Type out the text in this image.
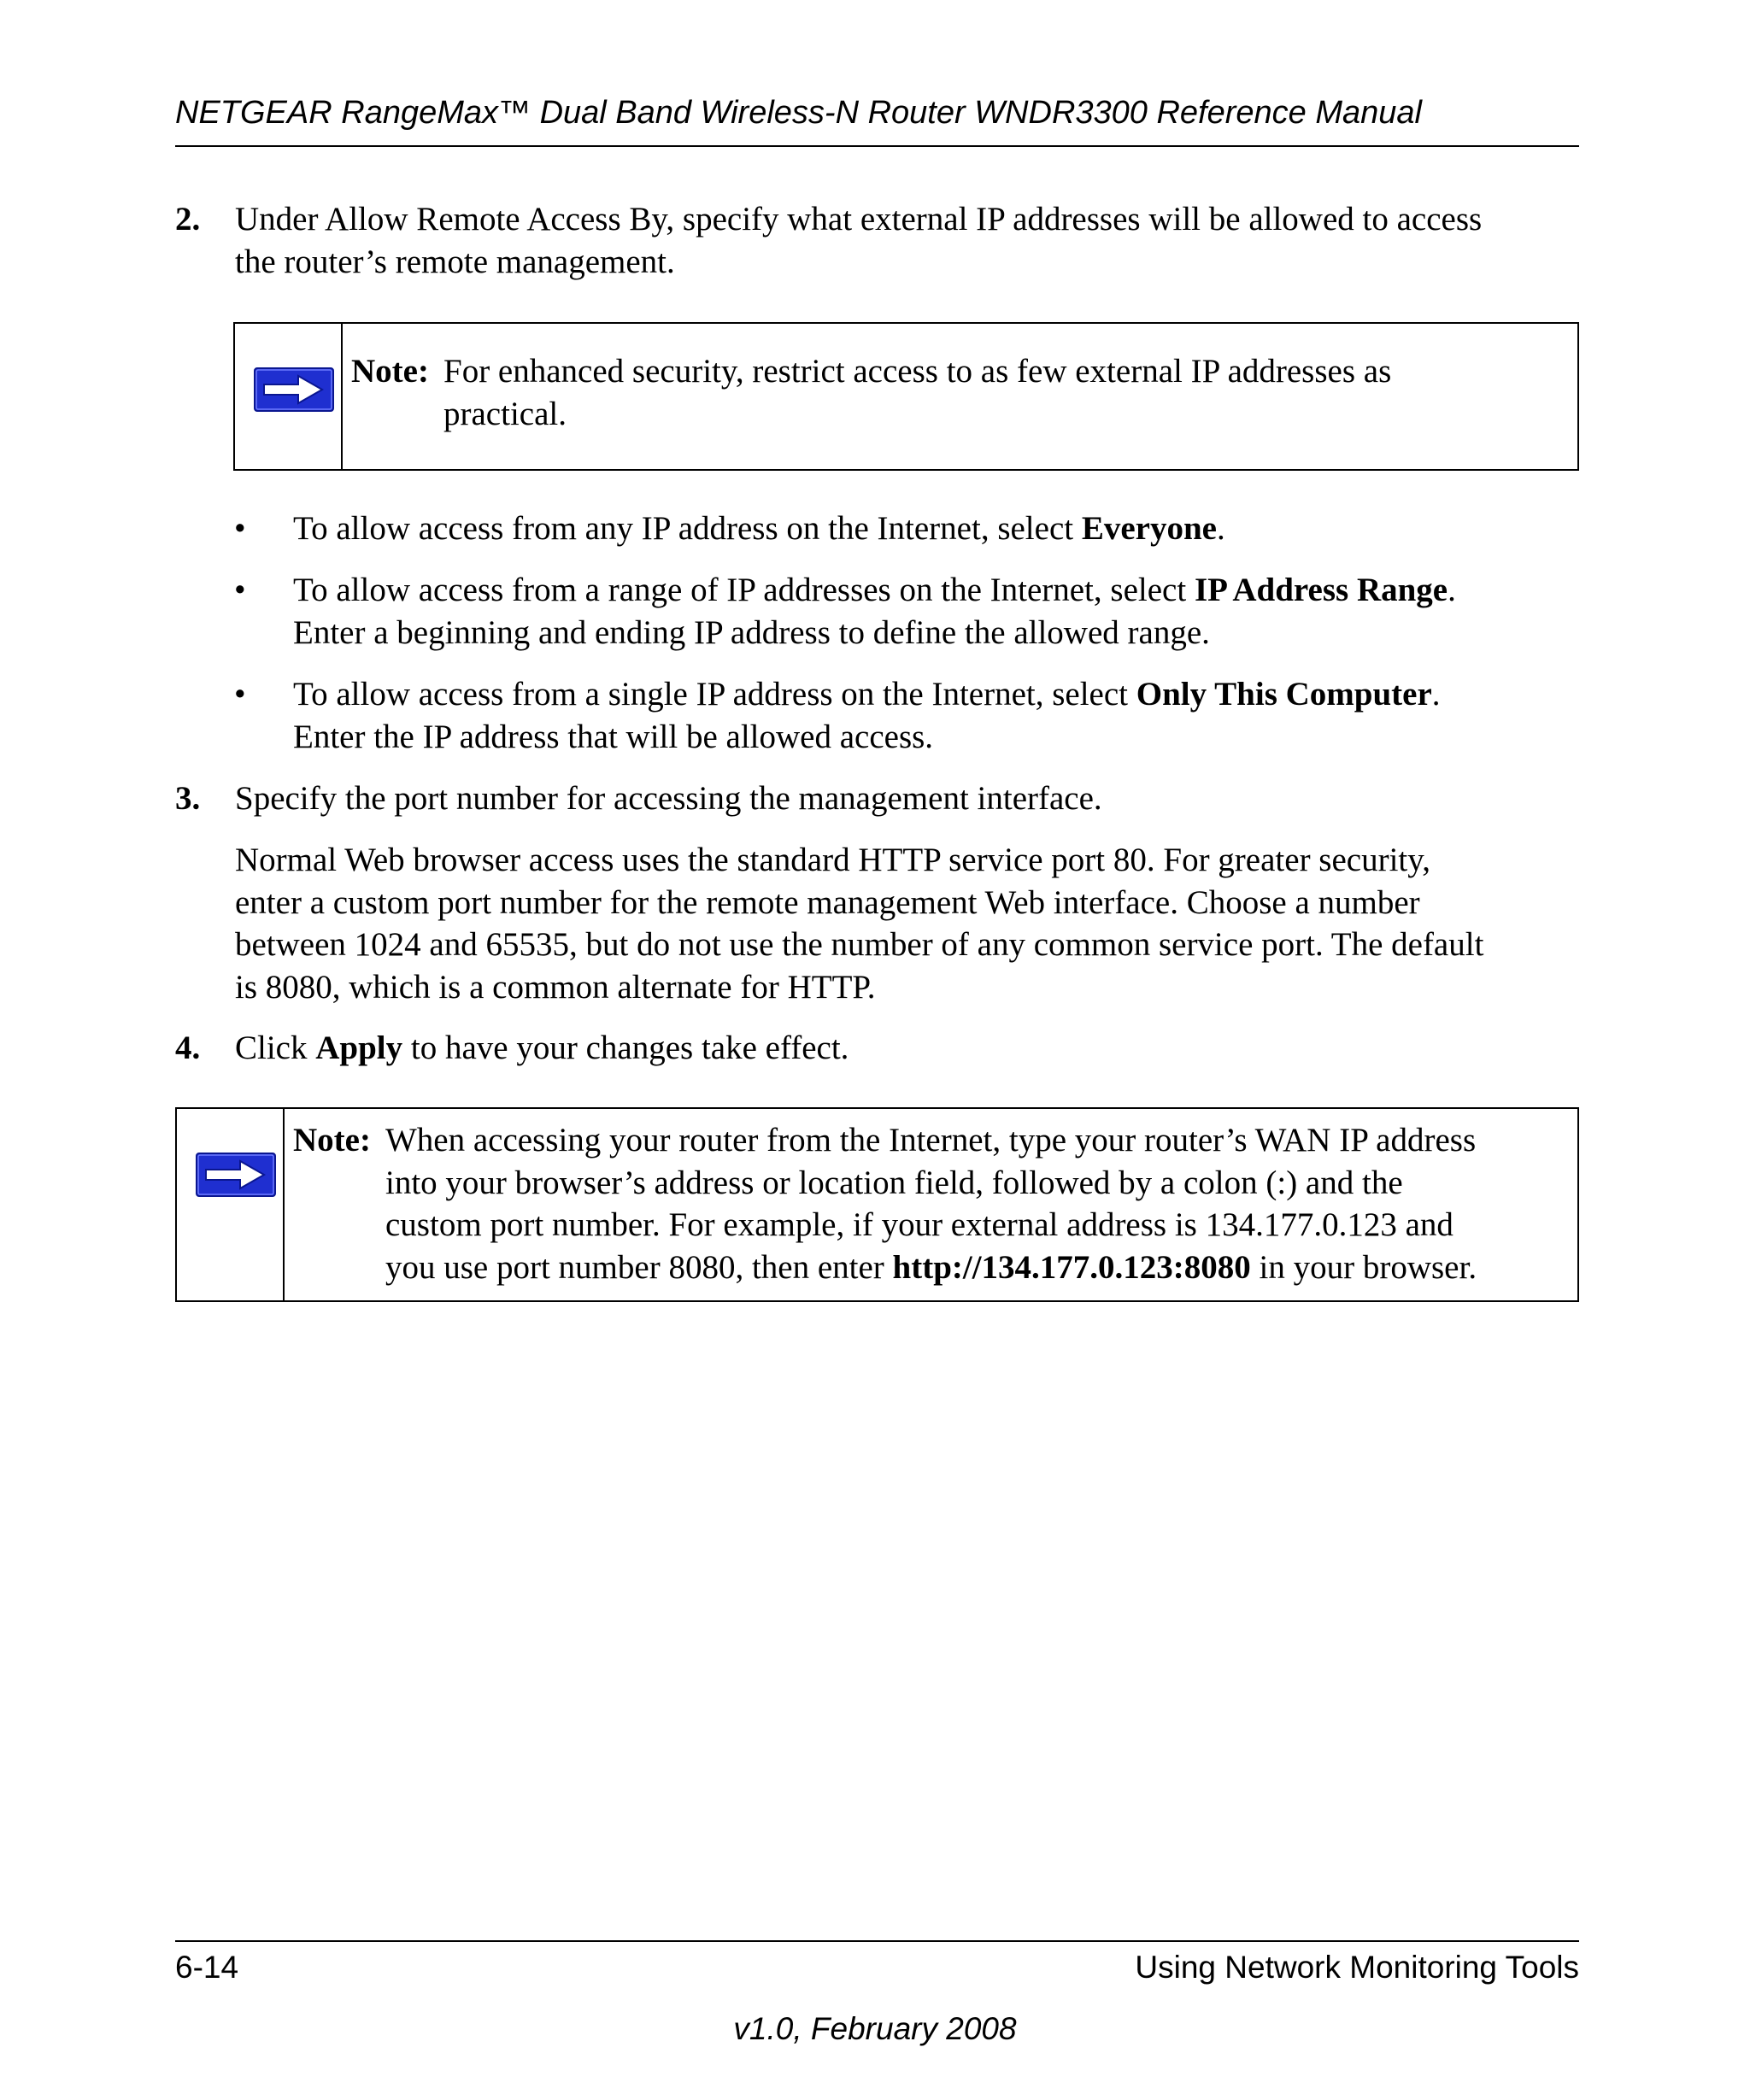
NETGEAR RangeMax™ Dual Band Wireless-N Router WNDR3300 Reference Manual
2. Under Allow Remote Access By, specify what external IP addresses will be allowed to access
the router’s remote management.
Note: For enhanced security, restrict access to as few external IP addresses as
practical.
• To allow access from any IP address on the Internet, select Everyone.
• To allow access from a range of IP addresses on the Internet, select IP Address Range.
Enter a beginning and ending IP address to define the allowed range.
• To allow access from a single IP address on the Internet, select Only This Computer.
Enter the IP address that will be allowed access.
3. Specify the port number for accessing the management interface.
Normal Web browser access uses the standard HTTP service port 80. For greater security,
enter a custom port number for the remote management Web interface. Choose a number
between 1024 and 65535, but do not use the number of any common service port. The default
is 8080, which is a common alternate for HTTP.
4. Click Apply to have your changes take effect.
Note: When accessing your router from the Internet, type your router’s WAN IP address
into your browser’s address or location field, followed by a colon (:) and the
custom port number. For example, if your external address is 134.177.0.123 and
you use port number 8080, then enter http://134.177.0.123:8080 in your browser.
6-14	Using Network Monitoring Tools
v1.0, February 2008
